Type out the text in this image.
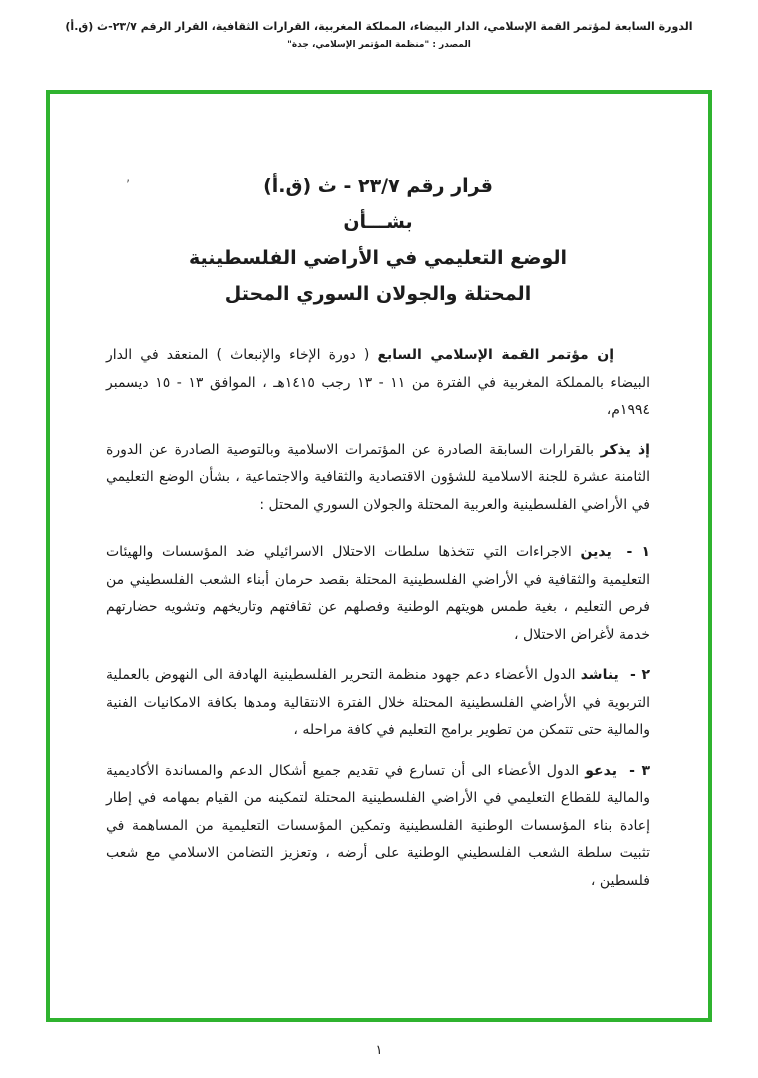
الدورة السابعة لمؤتمر القمة الإسلامي، الدار البيضاء، المملكة المغربية، القرارات الثقافية، القرار الرقم ٢٣/٧-ث (ق.أ)
المصدر : "منظمة المؤتمر الإسلامي، جدة"
٬	قرار رقم ٢٣/٧ - ث (ق.أ)
بشـــأن
الوضع التعليمي في الأراضي الفلسطينية
المحتلة والجولان السوري المحتل

إن مؤتمر القمة الإسلامي السابع ( دورة الإخاء والإنبعاث ) المنعقد في الدار البيضاء بالمملكة المغربية في الفترة من ١١ - ١٣ رجب ١٤١٥هـ ، الموافق ١٣ - ١٥ ديسمبر ١٩٩٤م،

إذ يذكر بالقرارات السابقة الصادرة عن المؤتمرات الاسلامية وبالتوصية الصادرة عن الدورة الثامنة عشرة للجنة الاسلامية للشؤون الاقتصادية والثقافية والاجتماعية ، بشأن الوضع التعليمي في الأراضي الفلسطينية والعربية المحتلة والجولان السوري المحتل :

١ - يدين الاجراءات التي تتخذها سلطات الاحتلال الاسرائيلي ضد المؤسسات والهيئات التعليمية والثقافية في الأراضي الفلسطينية المحتلة بقصد حرمان أبناء الشعب الفلسطيني من فرص التعليم ، بغية طمس هويتهم الوطنية وفصلهم عن ثقافتهم وتاريخهم وتشويه حضارتهم خدمة لأغراض الاحتلال ،

٢ - يناشد الدول الأعضاء دعم جهود منظمة التحرير الفلسطينية الهادفة الى النهوض بالعملية التربوية في الأراضي الفلسطينية المحتلة خلال الفترة الانتقالية ومدها بكافة الامكانيات الفنية والمالية حتى تتمكن من تطوير برامج التعليم في كافة مراحله ،

٣ - يدعو الدول الأعضاء الى أن تسارع في تقديم جميع أشكال الدعم والمساندة الأكاديمية والمالية للقطاع التعليمي في الأراضي الفلسطينية المحتلة لتمكينه من القيام بمهامه في إطار إعادة بناء المؤسسات الوطنية الفلسطينية وتمكين المؤسسات التعليمية من المساهمة في تثبيت سلطة الشعب الفلسطيني الوطنية على أرضه ، وتعزيز التضامن الاسلامي مع شعب فلسطين ،

١
